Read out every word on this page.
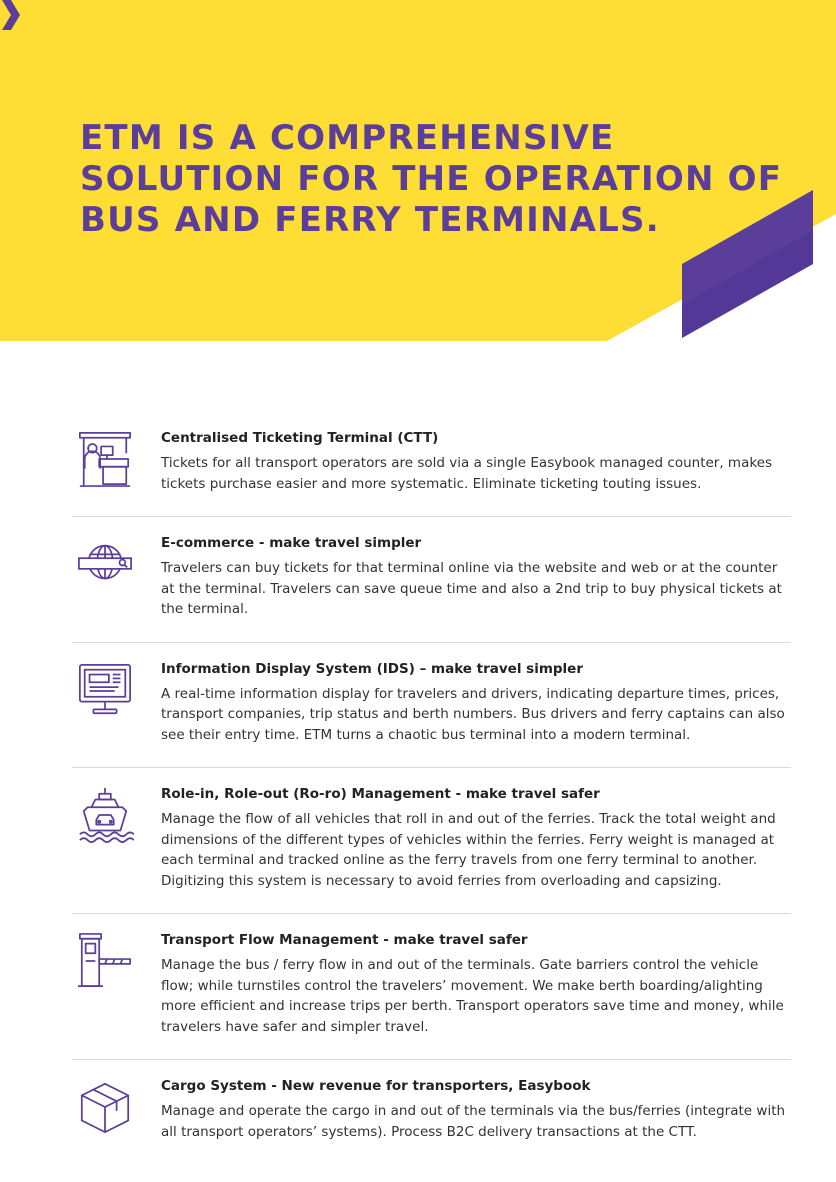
ETM IS A COMPREHENSIVE SOLUTION FOR THE OPERATION OF BUS AND FERRY TERMINALS.
Centralised Ticketing Terminal (CTT)

Tickets for all transport operators are sold via a single Easybook managed counter, makes tickets purchase easier and more systematic. Eliminate ticketing touting issues.

E-commerce - make travel simpler

Travelers can buy tickets for that terminal online via the website and web or at the counter at the terminal. Travelers can save queue time and also a 2nd trip to buy physical tickets at the terminal.

Information Display System (IDS) – make travel simpler

A real-time information display for travelers and drivers, indicating departure times, prices, transport companies, trip status and berth numbers. Bus drivers and ferry captains can also see their entry time. ETM turns a chaotic bus terminal into a modern terminal.

Role-in, Role-out (Ro-ro) Management - make travel safer

Manage the flow of all vehicles that roll in and out of the ferries. Track the total weight and dimensions of the different types of vehicles within the ferries. Ferry weight is managed at each terminal and tracked online as the ferry travels from one ferry terminal to another. Digitizing this system is necessary to avoid ferries from overloading and capsizing.

Transport Flow Management - make travel safer

Manage the bus / ferry flow in and out of the terminals. Gate barriers control the vehicle flow; while turnstiles control the travelers’ movement. We make berth boarding/alighting more efficient and increase trips per berth. Transport operators save time and money, while travelers have safer and simpler travel.

Cargo System - New revenue for transporters, Easybook

Manage and operate the cargo in and out of the terminals via the bus/ferries (integrate with all transport operators’ systems). Process B2C delivery transactions at the CTT.
